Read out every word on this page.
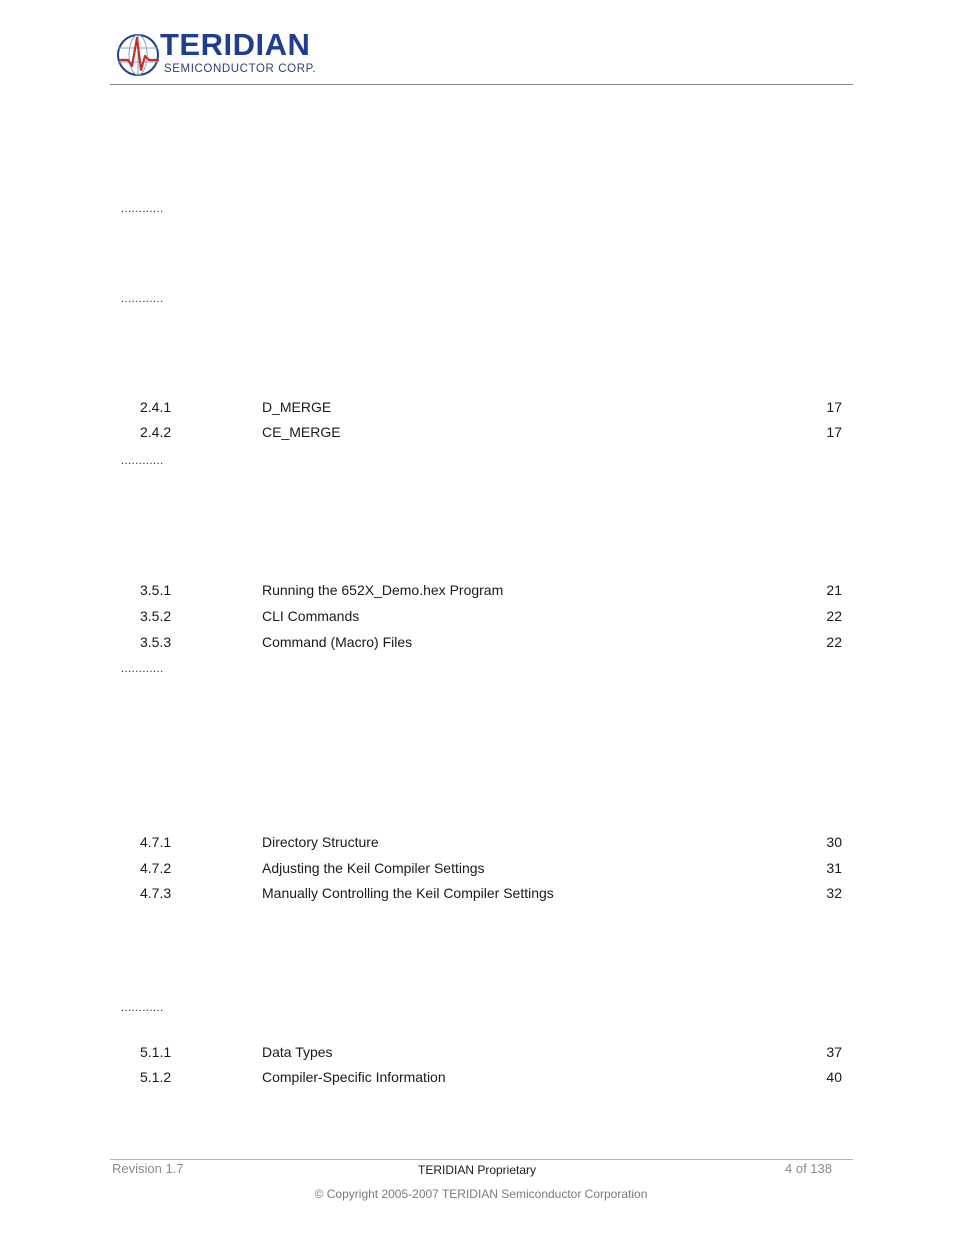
TERIDIAN
SEMICONDUCTOR CORP.
............
............
2.4.1	D_MERGE	17
2.4.2	CE_MERGE	17
............
3.5.1	Running the 652X_Demo.hex Program	21
3.5.2	CLI Commands	22
3.5.3	Command (Macro) Files	22
............
4.7.1	Directory Structure	30
4.7.2	Adjusting the Keil Compiler Settings	31
4.7.3	Manually Controlling the Keil Compiler Settings	32
............
5.1.1	Data Types	37
5.1.2	Compiler-Specific Information	40
Revision 1.7	TERIDIAN Proprietary	4 of 138
© Copyright 2005-2007 TERIDIAN Semiconductor Corporation
